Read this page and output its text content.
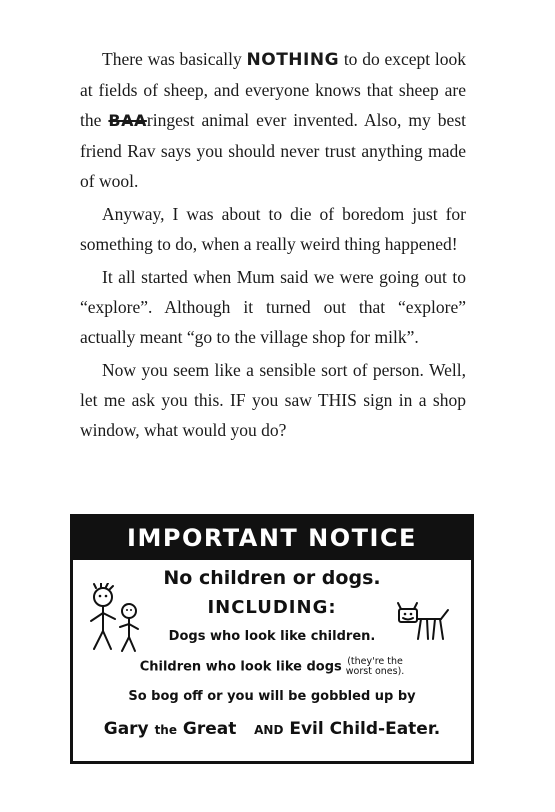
There was basically NOTHING to do except look at fields of sheep, and everyone knows that sheep are the BAAringest animal ever invented. Also, my best friend Rav says you should never trust anything made of wool.

Anyway, I was about to die of boredom just for something to do, when a really weird thing happened!

It all started when Mum said we were going out to “explore”. Although it turned out that “explore” actually meant “go to the village shop for milk”.

Now you seem like a sensible sort of person. Well, let me ask you this. IF you saw THIS sign in a shop window, what would you do?

IMPORTANT NOTICE
No children or dogs.
INCLUDING:
Dogs who look like children.
Children who look like dogs (they're the
worst ones).
So bog off or you will be gobbled up by
Gary the Great AND Evil Child-Eater.
